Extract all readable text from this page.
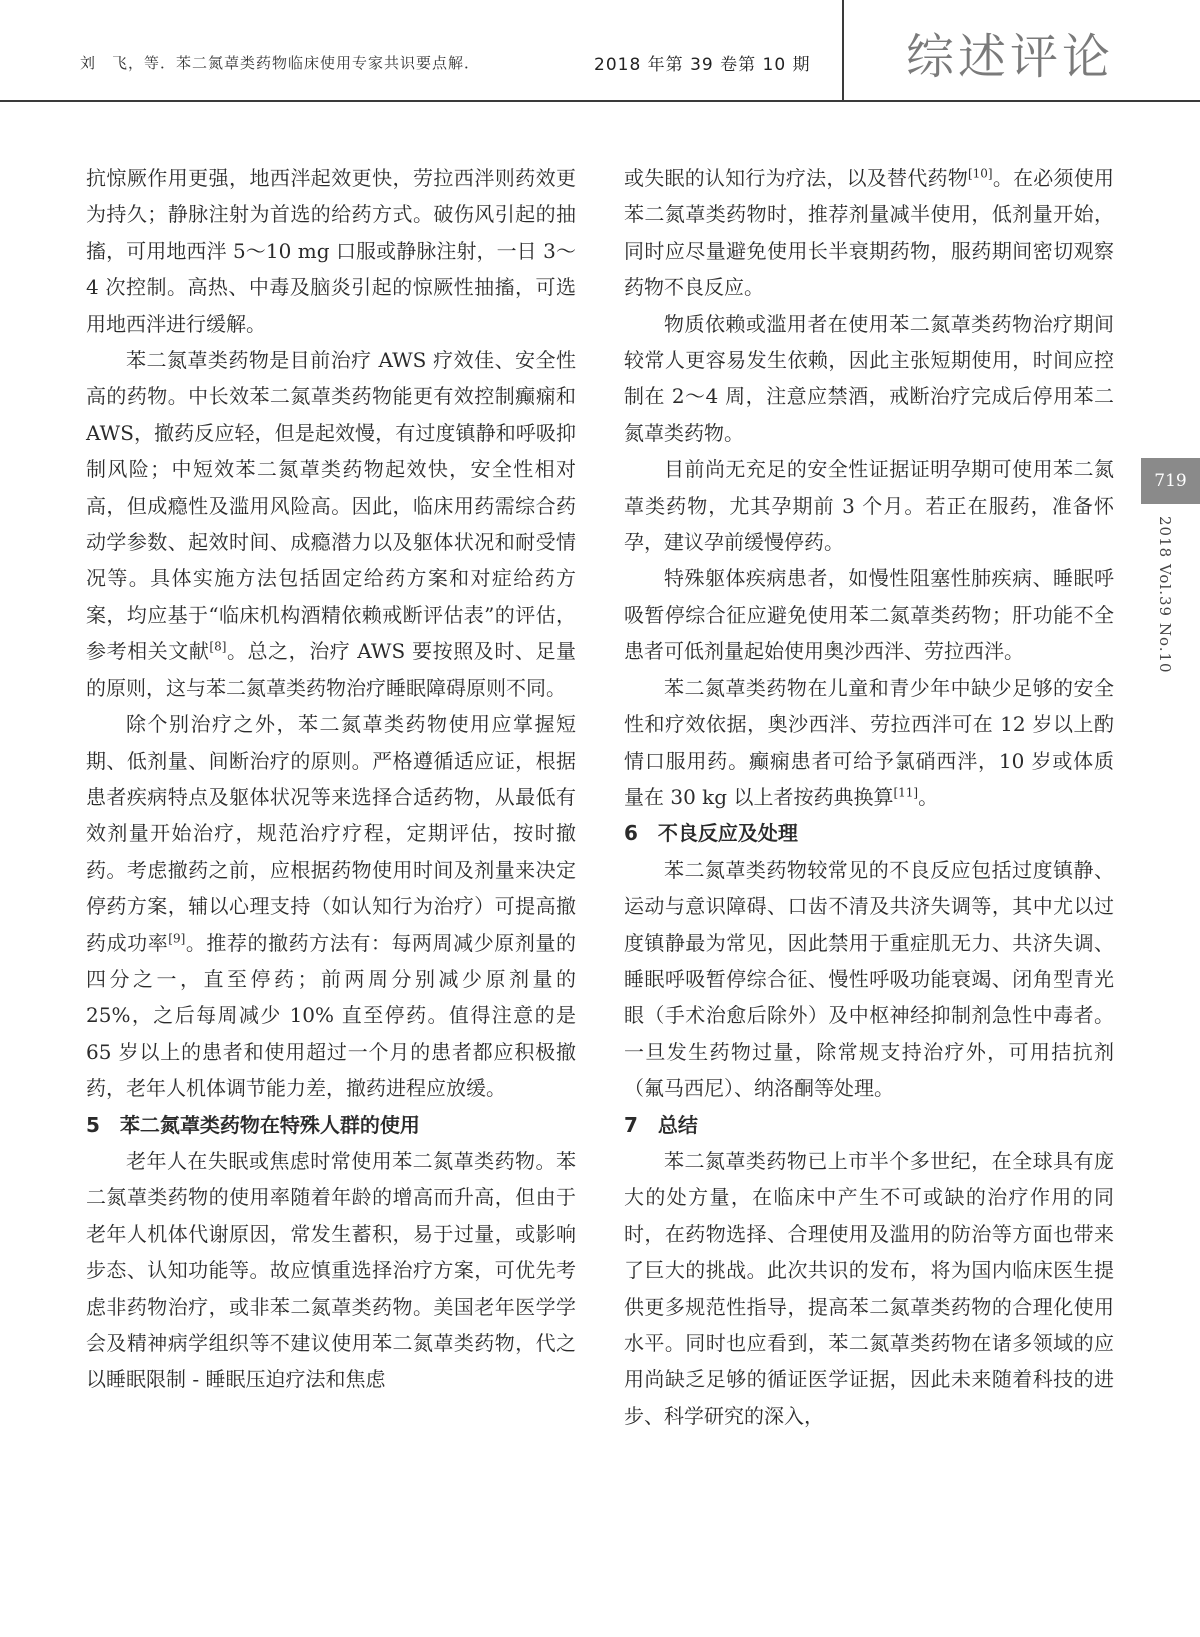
刘　飞，等．苯二氮䓬类药物临床使用专家共识要点解．	2018 年第 39 卷第 10 期 综述评论

抗惊厥作用更强，地西泮起效更快，劳拉西泮则药效更为持久；静脉注射为首选的给药方式。破伤风引起的抽搐，可用地西泮 5～10 mg 口服或静脉注射，一日 3～4 次控制。高热、中毒及脑炎引起的惊厥性抽搐，可选用地西泮进行缓解。

苯二氮䓬类药物是目前治疗 AWS 疗效佳、安全性高的药物。中长效苯二氮䓬类药物能更有效控制癫痫和 AWS，撤药反应轻，但是起效慢，有过度镇静和呼吸抑制风险；中短效苯二氮䓬类药物起效快，安全性相对高，但成瘾性及滥用风险高。因此，临床用药需综合药动学参数、起效时间、成瘾潜力以及躯体状况和耐受情况等。具体实施方法包括固定给药方案和对症给药方案，均应基于“临床机构酒精依赖戒断评估表”的评估，参考相关文献[8]。总之，治疗 AWS 要按照及时、足量的原则，这与苯二氮䓬类药物治疗睡眠障碍原则不同。

除个别治疗之外，苯二氮䓬类药物使用应掌握短期、低剂量、间断治疗的原则。严格遵循适应证，根据患者疾病特点及躯体状况等来选择合适药物，从最低有效剂量开始治疗，规范治疗疗程，定期评估，按时撤药。考虑撤药之前，应根据药物使用时间及剂量来决定停药方案，辅以心理支持（如认知行为治疗）可提高撤药成功率[9]。推荐的撤药方法有：每两周减少原剂量的四分之一，直至停药；前两周分别减少原剂量的 25%，之后每周减少 10% 直至停药。值得注意的是 65 岁以上的患者和使用超过一个月的患者都应积极撤药，老年人机体调节能力差，撤药进程应放缓。

5　苯二氮䓬类药物在特殊人群的使用

老年人在失眠或焦虑时常使用苯二氮䓬类药物。苯二氮䓬类药物的使用率随着年龄的增高而升高，但由于老年人机体代谢原因，常发生蓄积，易于过量，或影响步态、认知功能等。故应慎重选择治疗方案，可优先考虑非药物治疗，或非苯二氮䓬类药物。美国老年医学学会及精神病学组织等不建议使用苯二氮䓬类药物，代之以睡眠限制 - 睡眠压迫疗法和焦虑

或失眠的认知行为疗法，以及替代药物[10]。在必须使用苯二氮䓬类药物时，推荐剂量减半使用，低剂量开始，同时应尽量避免使用长半衰期药物，服药期间密切观察药物不良反应。

物质依赖或滥用者在使用苯二氮䓬类药物治疗期间较常人更容易发生依赖，因此主张短期使用，时间应控制在 2～4 周，注意应禁酒，戒断治疗完成后停用苯二氮䓬类药物。

目前尚无充足的安全性证据证明孕期可使用苯二氮䓬类药物，尤其孕期前 3 个月。若正在服药，准备怀孕，建议孕前缓慢停药。

特殊躯体疾病患者，如慢性阻塞性肺疾病、睡眠呼吸暂停综合征应避免使用苯二氮䓬类药物；肝功能不全患者可低剂量起始使用奥沙西泮、劳拉西泮。

苯二氮䓬类药物在儿童和青少年中缺少足够的安全性和疗效依据，奥沙西泮、劳拉西泮可在 12 岁以上酌情口服用药。癫痫患者可给予氯硝西泮，10 岁或体质量在 30 kg 以上者按药典换算[11]。

6　不良反应及处理

苯二氮䓬类药物较常见的不良反应包括过度镇静、运动与意识障碍、口齿不清及共济失调等，其中尤以过度镇静最为常见，因此禁用于重症肌无力、共济失调、睡眠呼吸暂停综合征、慢性呼吸功能衰竭、闭角型青光眼（手术治愈后除外）及中枢神经抑制剂急性中毒者。一旦发生药物过量，除常规支持治疗外，可用拮抗剂（氟马西尼）、纳洛酮等处理。

7　总结

苯二氮䓬类药物已上市半个多世纪，在全球具有庞大的处方量，在临床中产生不可或缺的治疗作用的同时，在药物选择、合理使用及滥用的防治等方面也带来了巨大的挑战。此次共识的发布，将为国内临床医生提供更多规范性指导，提高苯二氮䓬类药物的合理化使用水平。同时也应看到，苯二氮䓬类药物在诸多领域的应用尚缺乏足够的循证医学证据，因此未来随着科技的进步、科学研究的深入，

719
2018 Vol.39 No.10
